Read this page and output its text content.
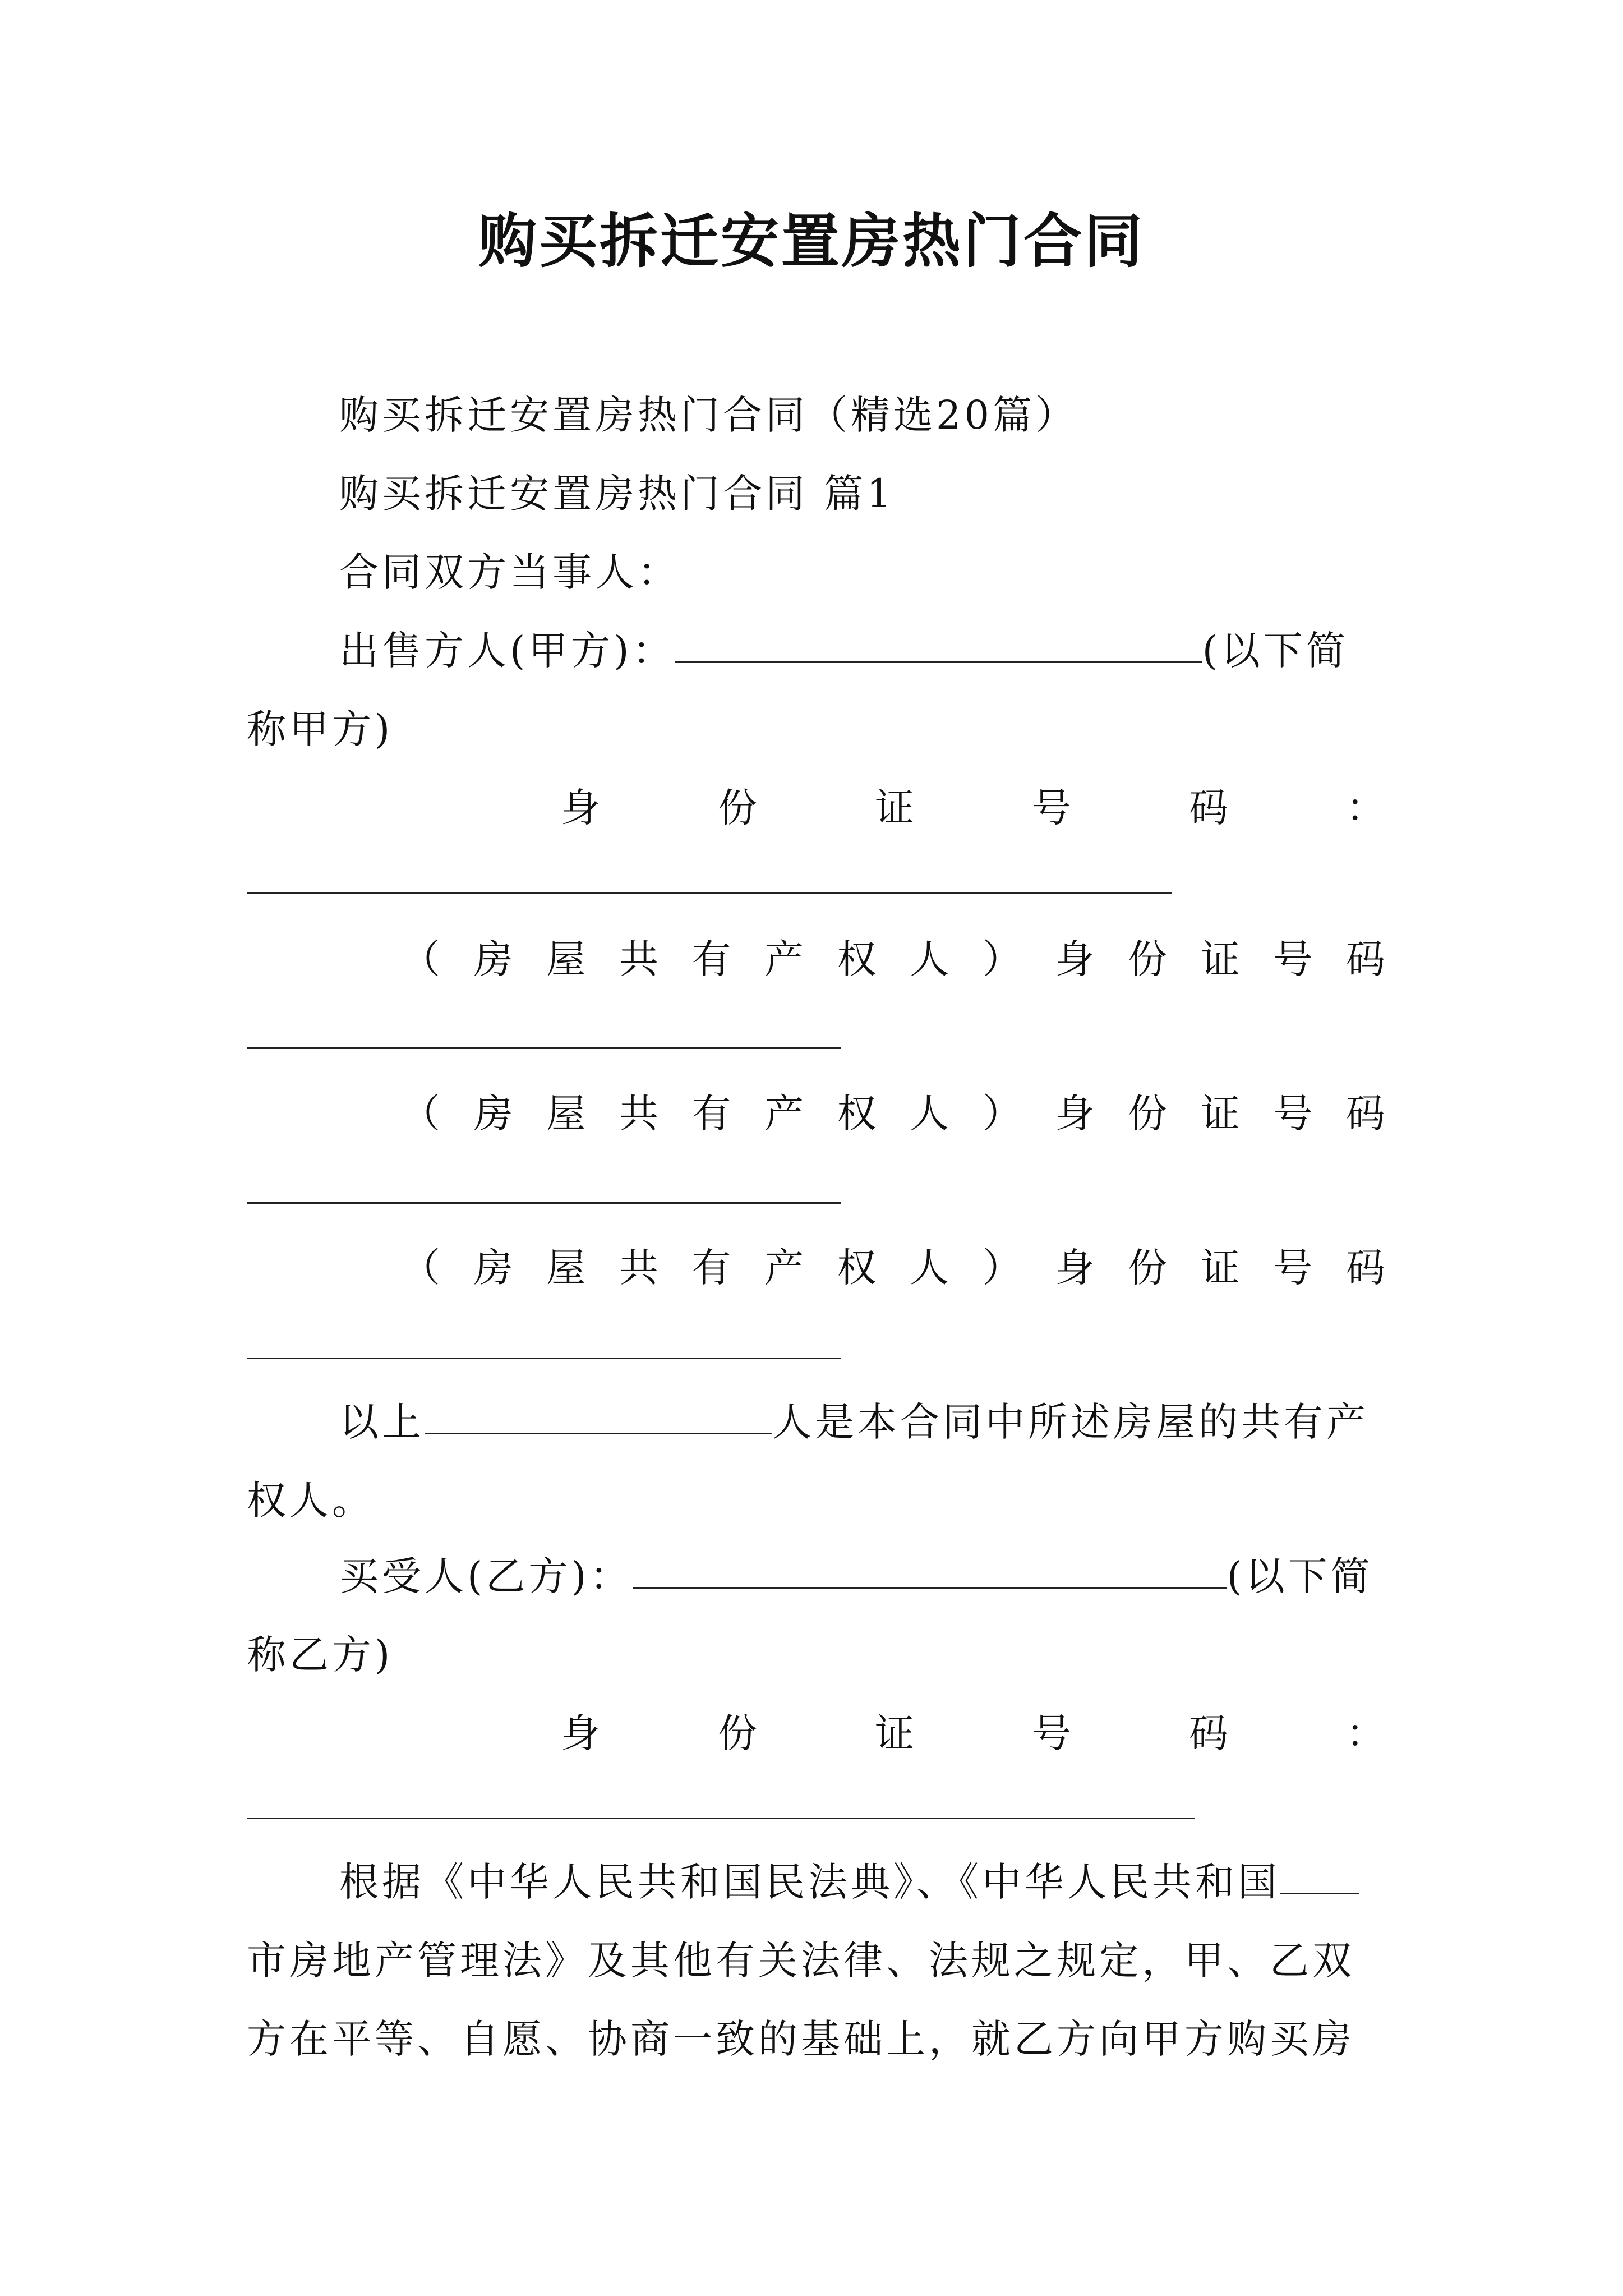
购买拆迁安置房热门合同
购买拆迁安置房热门合同（精选20篇）
购买拆迁安置房热门合同 篇1
合同双方当事人：
出售方人(甲方)：	(以下简
称甲方)
身	份	证	号	码	：
（ 房 屋 共 有 产 权 人 ） 身 份 证 号 码
（ 房 屋 共 有 产 权 人 ） 身 份 证 号 码
（ 房 屋 共 有 产 权 人 ） 身 份 证 号 码
以上	人是本合同中所述房屋的共有产
权人。
买受人(乙方)：	(以下简
称乙方)
身	份	证	号	码	：
根据《中华人民共和国民法典》、《中华人民共和国
市房地产管理法》及其他有关法律、法规之规定，甲、乙双
方在平等、自愿、协商一致的基础上，就乙方向甲方购买房
